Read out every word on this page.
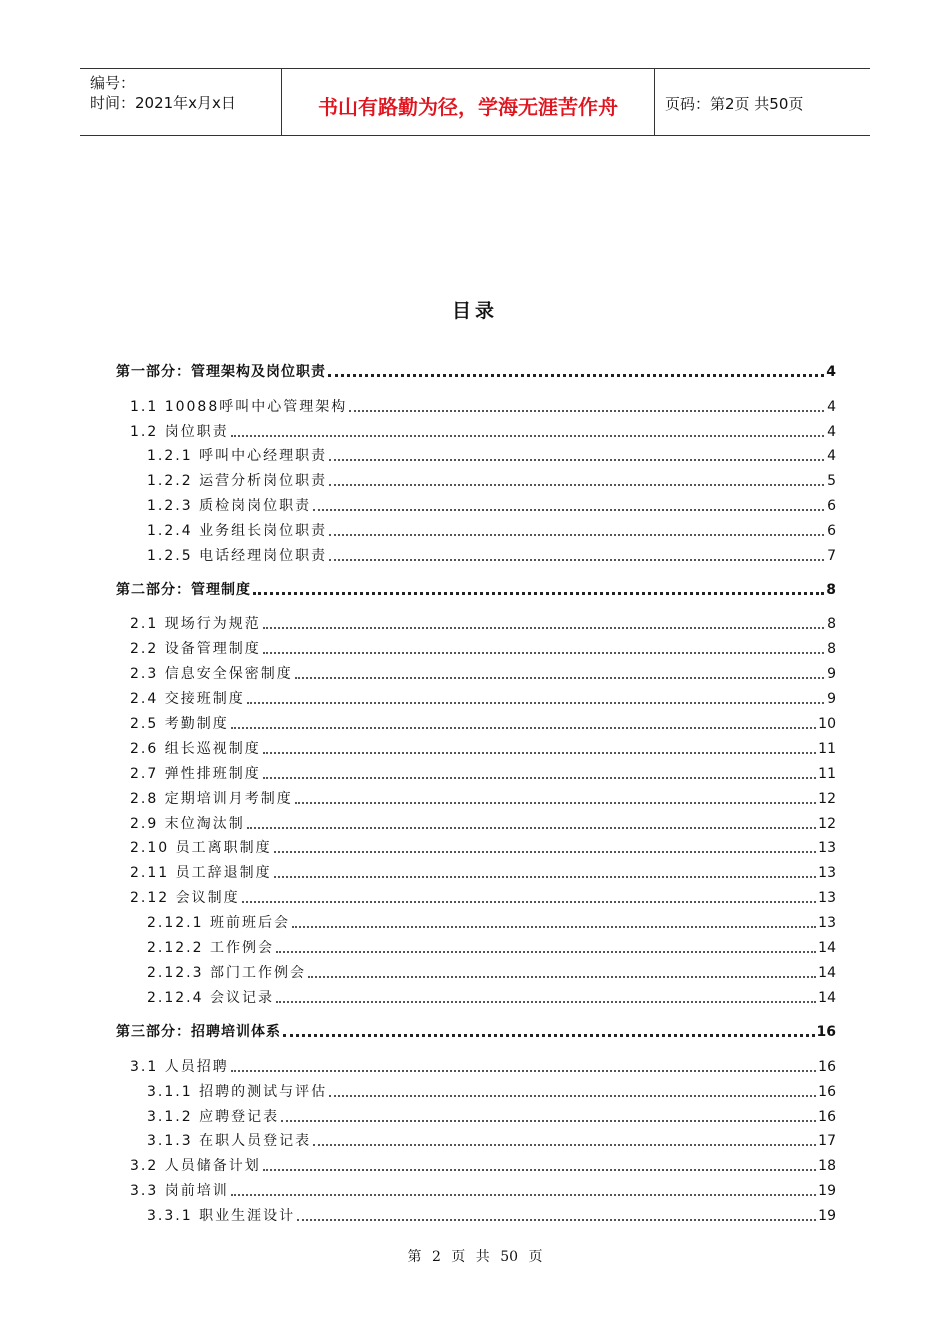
编号：
时间：2021年x月x日	书山有路勤为径，学海无涯苦作舟	页码：第2页 共50页
目录
第一部分：管理架构及岗位职责	4
1.1 10088呼叫中心管理架构	4
1.2 岗位职责	4
1.2.1 呼叫中心经理职责	4
1.2.2 运营分析岗位职责	5
1.2.3 质检岗岗位职责	6
1.2.4 业务组长岗位职责	6
1.2.5 电话经理岗位职责	7
第二部分：管理制度	8
2.1 现场行为规范	8
2.2 设备管理制度	8
2.3 信息安全保密制度	9
2.4 交接班制度	9
2.5 考勤制度	10
2.6 组长巡视制度	11
2.7 弹性排班制度	11
2.8 定期培训月考制度	12
2.9 末位淘汰制	12
2.10 员工离职制度	13
2.11 员工辞退制度	13
2.12 会议制度	13
2.12.1 班前班后会	13
2.12.2 工作例会	14
2.12.3 部门工作例会	14
2.12.4 会议记录	14
第三部分：招聘培训体系	16
3.1 人员招聘	16
3.1.1 招聘的测试与评估	16
3.1.2 应聘登记表	16
3.1.3 在职人员登记表	17
3.2 人员储备计划	18
3.3 岗前培训	19
3.3.1 职业生涯设计	19
第 2 页 共 50 页
